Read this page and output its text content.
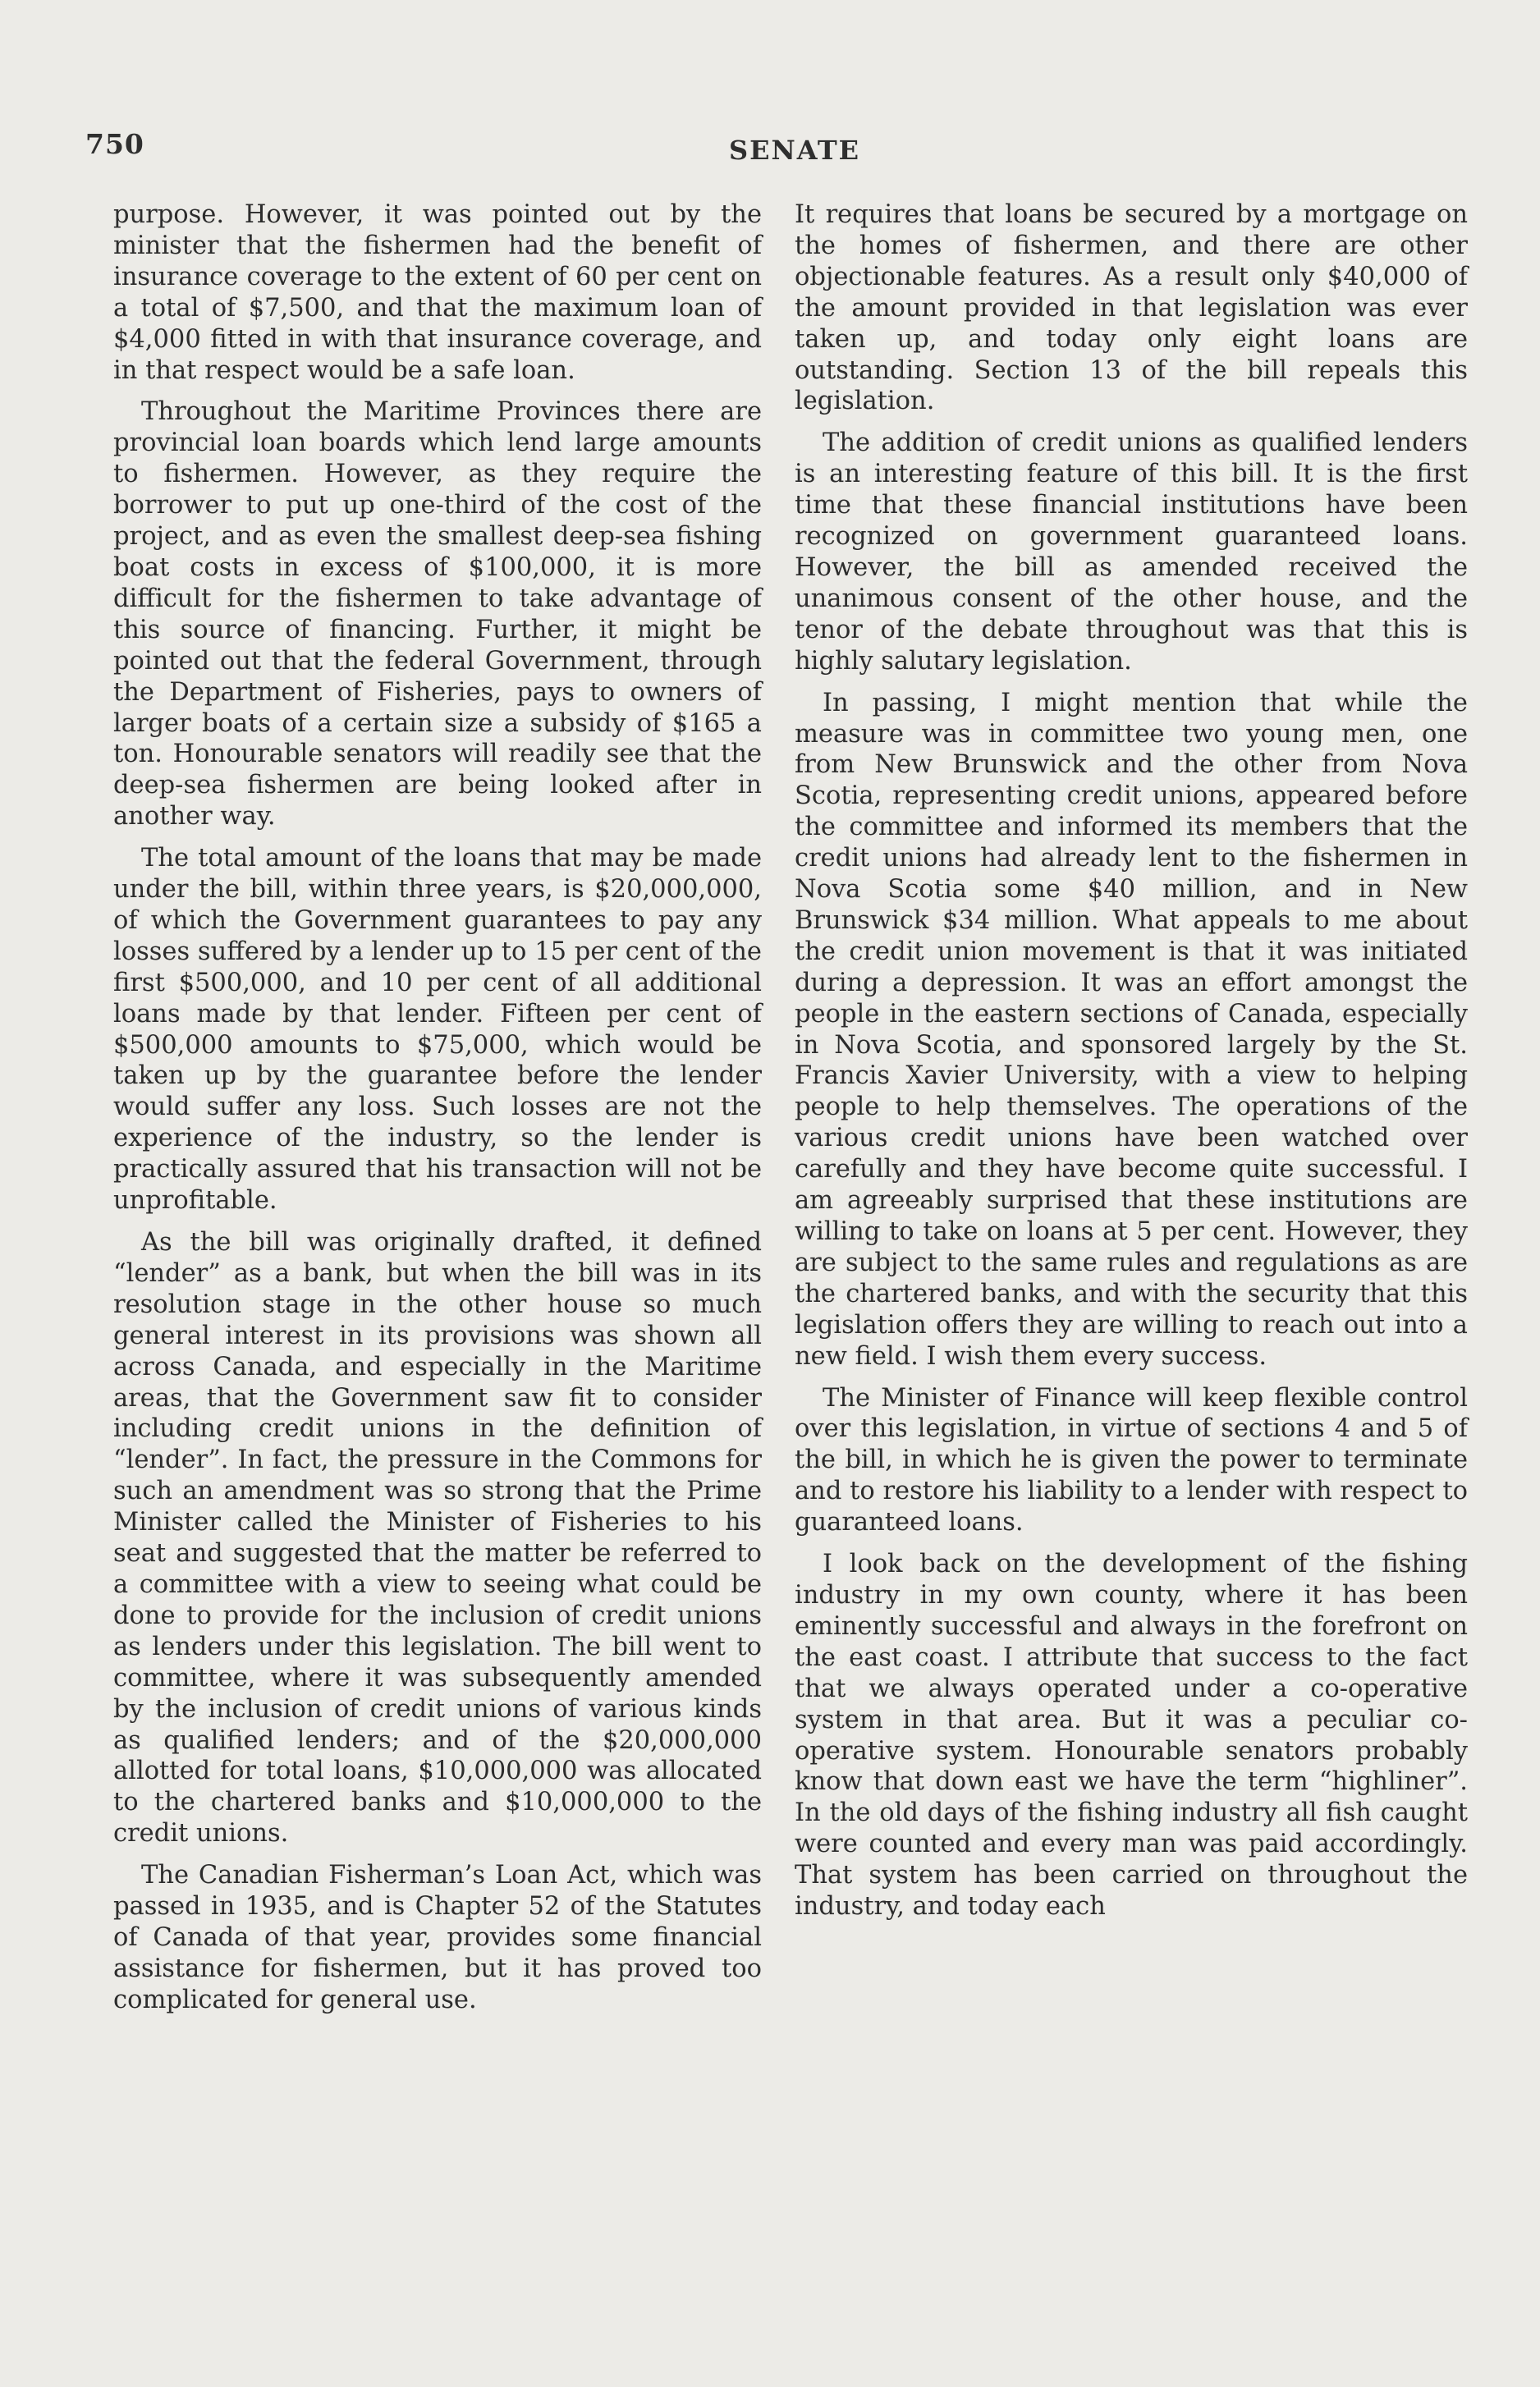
750	SENATE

purpose. However, it was pointed out by the minister that the fishermen had the benefit of insurance coverage to the extent of 60 per cent on a total of $7,500, and that the maximum loan of $4,000 fitted in with that insurance coverage, and in that respect would be a safe loan.

Throughout the Maritime Provinces there are provincial loan boards which lend large amounts to fishermen. However, as they require the borrower to put up one-third of the cost of the project, and as even the smallest deep-sea fishing boat costs in excess of $100,000, it is more difficult for the fishermen to take advantage of this source of financing. Further, it might be pointed out that the federal Government, through the Department of Fisheries, pays to owners of larger boats of a certain size a subsidy of $165 a ton. Honourable senators will readily see that the deep-sea fishermen are being looked after in another way.

The total amount of the loans that may be made under the bill, within three years, is $20,000,000, of which the Government guarantees to pay any losses suffered by a lender up to 15 per cent of the first $500,000, and 10 per cent of all additional loans made by that lender. Fifteen per cent of $500,000 amounts to $75,000, which would be taken up by the guarantee before the lender would suffer any loss. Such losses are not the experience of the industry, so the lender is practically assured that his transaction will not be unprofitable.

As the bill was originally drafted, it defined “lender” as a bank, but when the bill was in its resolution stage in the other house so much general interest in its provisions was shown all across Canada, and especially in the Maritime areas, that the Government saw fit to consider including credit unions in the definition of “lender”. In fact, the pressure in the Commons for such an amendment was so strong that the Prime Minister called the Minister of Fisheries to his seat and suggested that the matter be referred to a committee with a view to seeing what could be done to provide for the inclusion of credit unions as lenders under this legislation. The bill went to committee, where it was subsequently amended by the inclusion of credit unions of various kinds as qualified lenders; and of the $20,000,000 allotted for total loans, $10,000,000 was allocated to the chartered banks and $10,000,000 to the credit unions.

The Canadian Fisherman’s Loan Act, which was passed in 1935, and is Chapter 52 of the Statutes of Canada of that year, provides some financial assistance for fishermen, but it has proved too complicated for general use.

It requires that loans be secured by a mortgage on the homes of fishermen, and there are other objectionable features. As a result only $40,000 of the amount provided in that legislation was ever taken up, and today only eight loans are outstanding. Section 13 of the bill repeals this legislation.

The addition of credit unions as qualified lenders is an interesting feature of this bill. It is the first time that these financial institutions have been recognized on government guaranteed loans. However, the bill as amended received the unanimous consent of the other house, and the tenor of the debate throughout was that this is highly salutary legislation.

In passing, I might mention that while the measure was in committee two young men, one from New Brunswick and the other from Nova Scotia, representing credit unions, appeared before the committee and informed its members that the credit unions had already lent to the fishermen in Nova Scotia some $40 million, and in New Brunswick $34 million. What appeals to me about the credit union movement is that it was initiated during a depression. It was an effort amongst the people in the eastern sections of Canada, especially in Nova Scotia, and sponsored largely by the St. Francis Xavier University, with a view to helping people to help themselves. The operations of the various credit unions have been watched over carefully and they have become quite successful. I am agreeably surprised that these institutions are willing to take on loans at 5 per cent. However, they are subject to the same rules and regulations as are the chartered banks, and with the security that this legislation offers they are willing to reach out into a new field. I wish them every success.

The Minister of Finance will keep flexible control over this legislation, in virtue of sections 4 and 5 of the bill, in which he is given the power to terminate and to restore his liability to a lender with respect to guaranteed loans.

I look back on the development of the fishing industry in my own county, where it has been eminently successful and always in the forefront on the east coast. I attribute that success to the fact that we always operated under a co-operative system in that area. But it was a peculiar co-operative system. Honourable senators probably know that down east we have the term “highliner”. In the old days of the fishing industry all fish caught were counted and every man was paid accordingly. That system has been carried on throughout the industry, and today each
